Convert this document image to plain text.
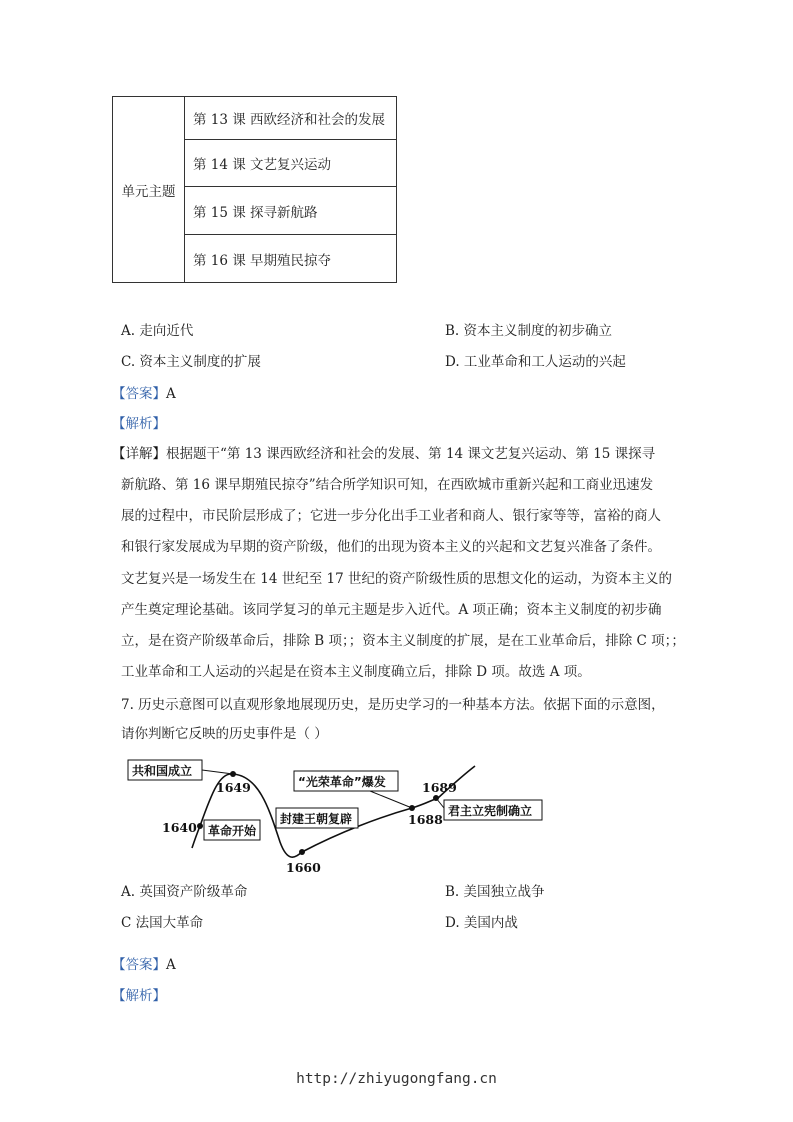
单元主题
第 13 课 西欧经济和社会的发展
第 14 课 文艺复兴运动
第 15 课 探寻新航路
第 16 课 早期殖民掠夺
A. 走向近代	B. 资本主义制度的初步确立
C. 资本主义制度的扩展	D. 工业革命和工人运动的兴起
【答案】A
【解析】
【详解】根据题干“第 13 课西欧经济和社会的发展、第 14 课文艺复兴运动、第 15 课探寻
新航路、第 16 课早期殖民掠夺”结合所学知识可知，在西欧城市重新兴起和工商业迅速发
展的过程中，市民阶层形成了；它进一步分化出手工业者和商人、银行家等等，富裕的商人
和银行家发展成为早期的资产阶级，他们的出现为资本主义的兴起和文艺复兴准备了条件。
文艺复兴是一场发生在 14 世纪至 17 世纪的资产阶级性质的思想文化的运动，为资本主义的
产生奠定理论基础。该同学复习的单元主题是步入近代。A 项正确；资本主义制度的初步确
立，是在资产阶级革命后，排除 B 项；；资本主义制度的扩展，是在工业革命后，排除 C 项；；
工业革命和工人运动的兴起是在资本主义制度确立后，排除 D 项。故选 A 项。
7. 历史示意图可以直观形象地展现历史，是历史学习的一种基本方法。依据下面的示意图，
请你判断它反映的历史事件是（ ）
共和国成立
革命开始
封建王朝复辟
“光荣革命”爆发
君主立宪制确立
1649
1640
1660
1688
1689
A. 英国资产阶级革命	B. 美国独立战争
C 法国大革命	D. 美国内战
【答案】A
【解析】
http://zhiyugongfang.cn
